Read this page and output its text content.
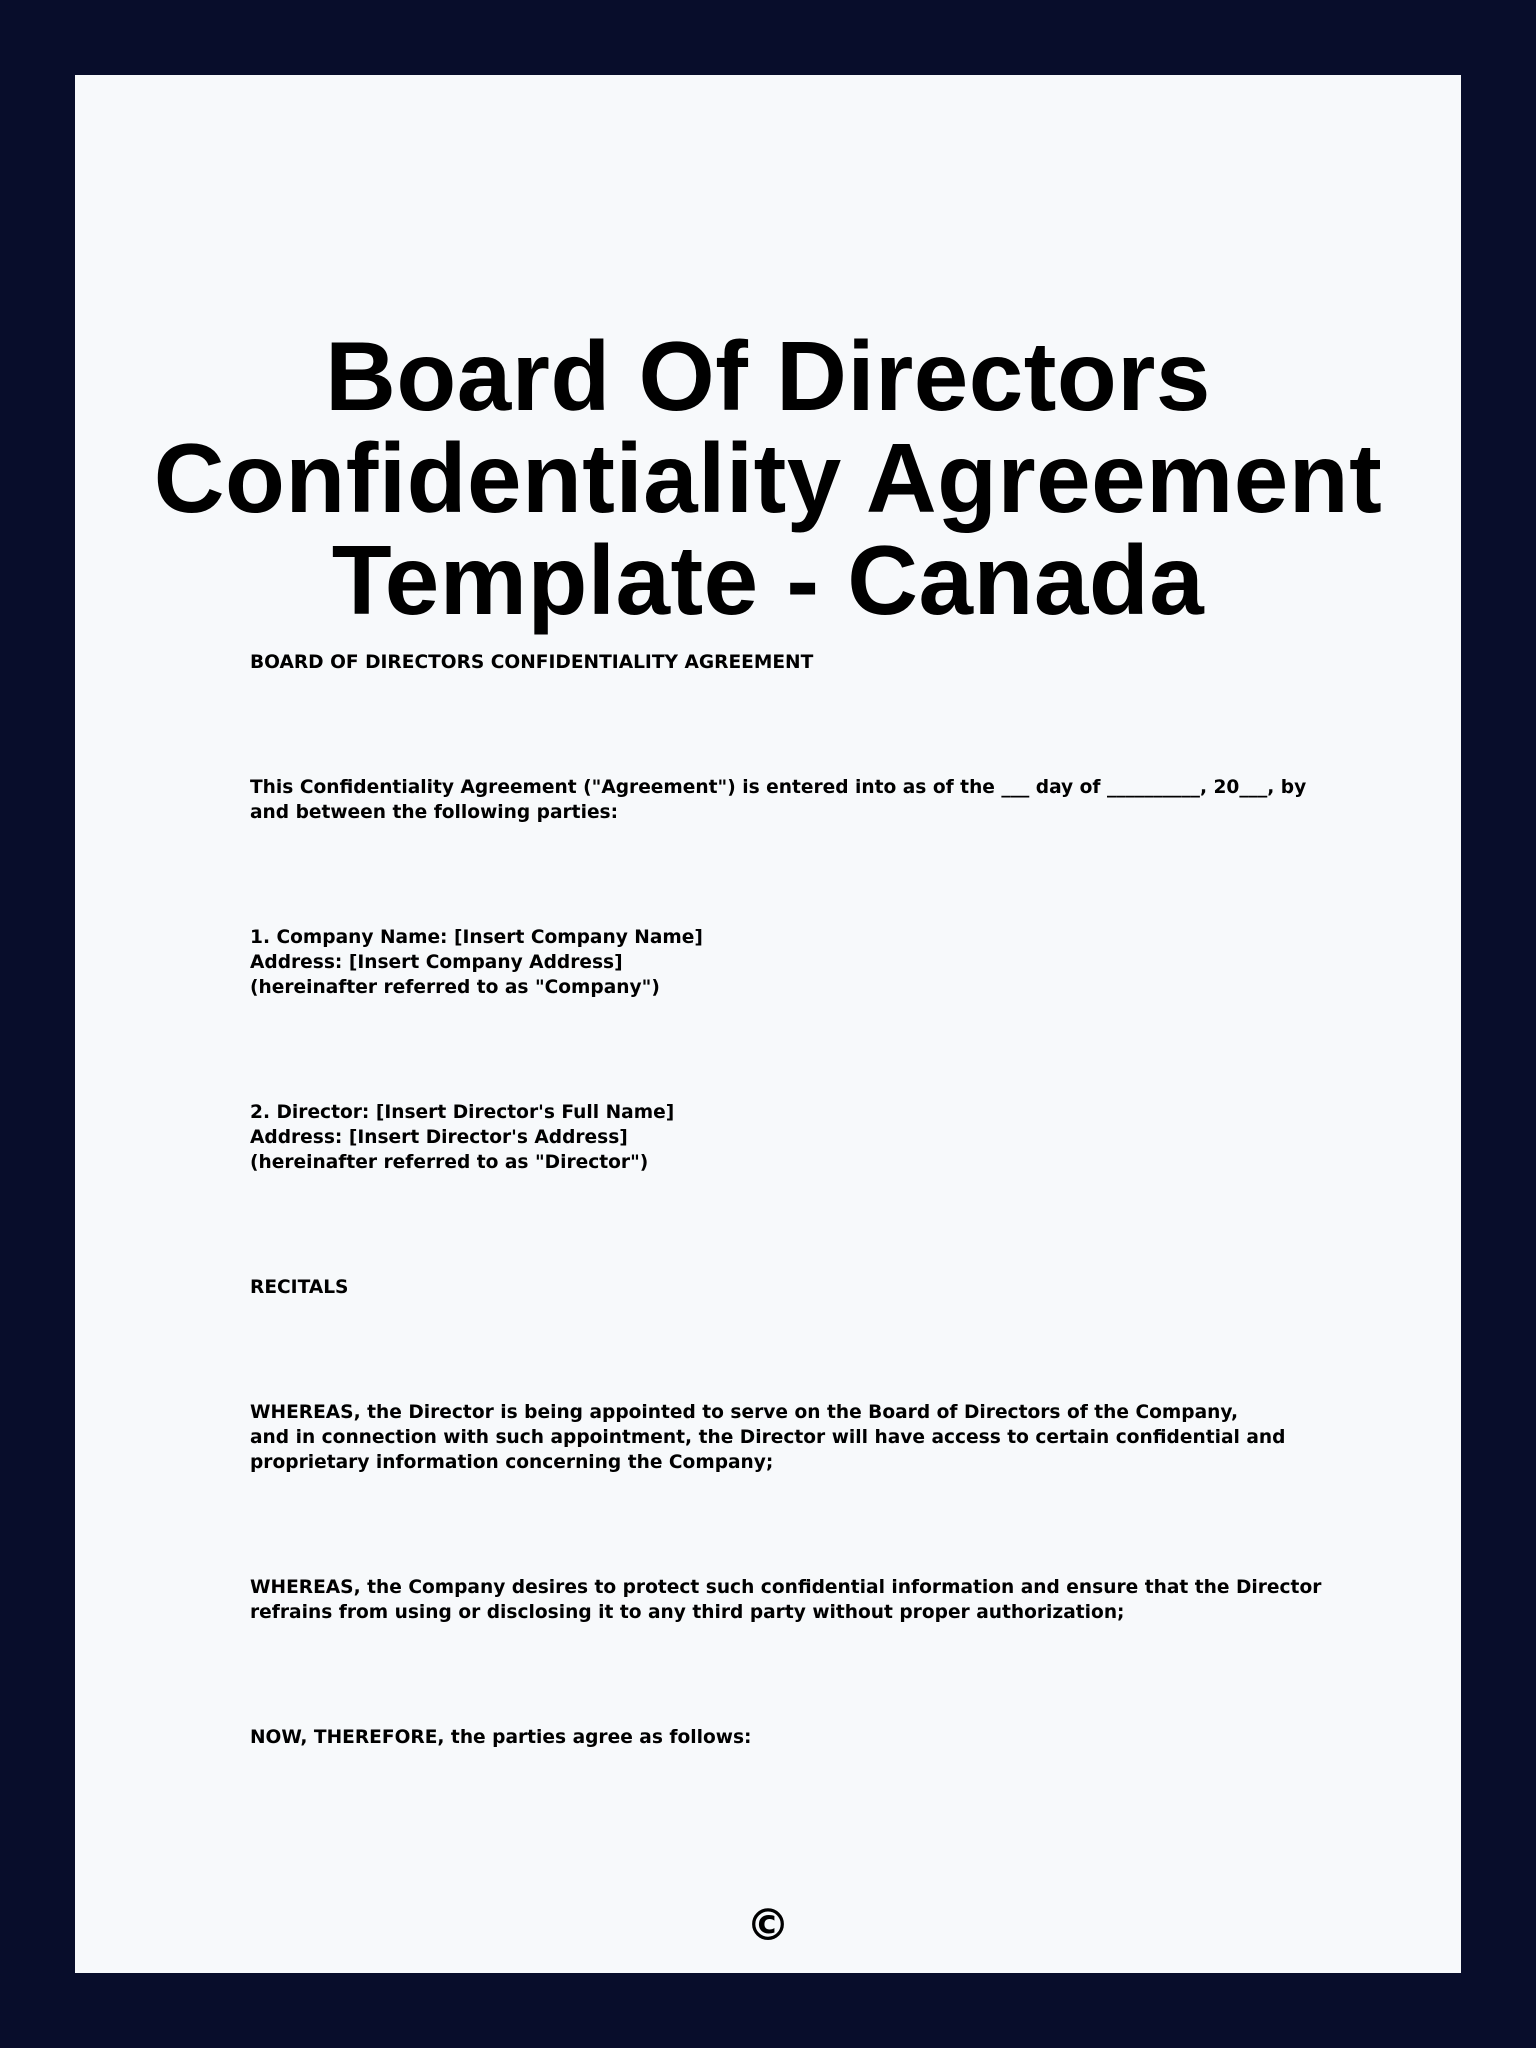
Board Of Directors
Confidentiality Agreement
Template - Canada

BOARD OF DIRECTORS CONFIDENTIALITY AGREEMENT

This Confidentiality Agreement ("Agreement") is entered into as of the ___ day of __________, 20___, by
and between the following parties:

1. Company Name: [Insert Company Name]
Address: [Insert Company Address]
(hereinafter referred to as "Company")

2. Director: [Insert Director's Full Name]
Address: [Insert Director's Address]
(hereinafter referred to as "Director")

RECITALS

WHEREAS, the Director is being appointed to serve on the Board of Directors of the Company,
and in connection with such appointment, the Director will have access to certain confidential and
proprietary information concerning the Company;

WHEREAS, the Company desires to protect such confidential information and ensure that the Director
refrains from using or disclosing it to any third party without proper authorization;

NOW, THEREFORE, the parties agree as follows:

©
